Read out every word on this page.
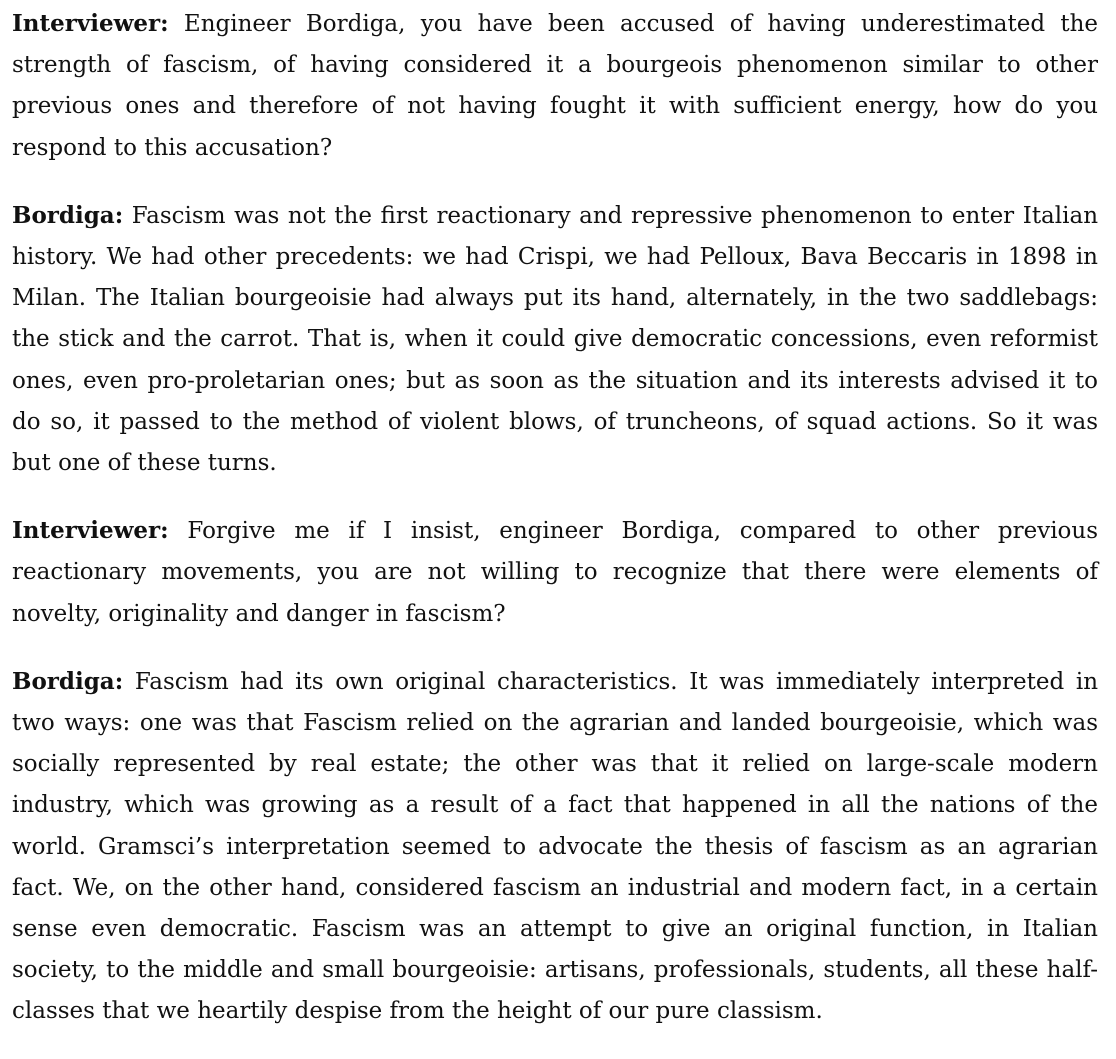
Interviewer: Engineer Bordiga, you have been accused of having underestimated the strength of fascism, of having considered it a bourgeois phenomenon similar to other previous ones and therefore of not having fought it with sufficient energy, how do you respond to this accusation?

Bordiga: Fascism was not the first reactionary and repressive phenomenon to enter Italian history. We had other precedents: we had Crispi, we had Pelloux, Bava Beccaris in 1898 in Milan. The Italian bourgeoisie had always put its hand, alternately, in the two saddlebags: the stick and the carrot. That is, when it could give democratic concessions, even reformist ones, even pro-proletarian ones; but as soon as the situation and its interests advised it to do so, it passed to the method of violent blows, of truncheons, of squad actions. So it was but one of these turns.

Interviewer: Forgive me if I insist, engineer Bordiga, compared to other previous reactionary movements, you are not willing to recognize that there were elements of novelty, originality and danger in fascism?

Bordiga: Fascism had its own original characteristics. It was immediately interpreted in two ways: one was that Fascism relied on the agrarian and landed bourgeoisie, which was socially represented by real estate; the other was that it relied on large-scale modern industry, which was growing as a result of a fact that happened in all the nations of the world. Gramsci’s interpretation seemed to advocate the thesis of fascism as an agrarian fact. We, on the other hand, considered fascism an industrial and modern fact, in a certain sense even democratic. Fascism was an attempt to give an original function, in Italian society, to the middle and small bourgeoisie: artisans, professionals, students, all these half-classes that we heartily despise from the height of our pure classism.
